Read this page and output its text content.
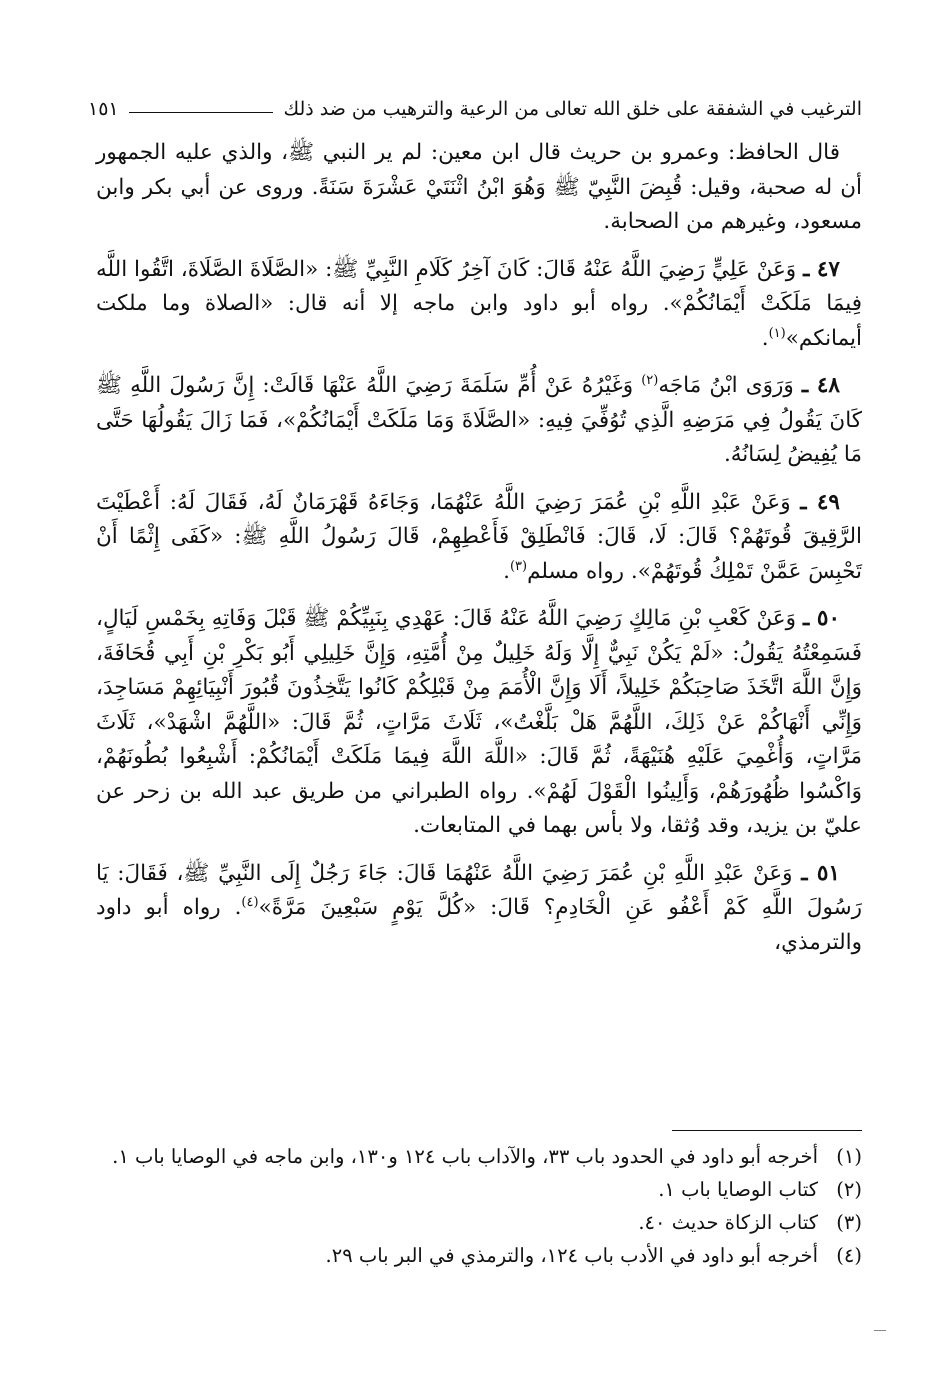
الترغيب في الشفقة على خلق الله تعالى من الرعية والترهيب من ضد ذلك
١٥١

قال الحافظ: وعمرو بن حريث قال ابن معين: لم ير النبي ﷺ، والذي عليه الجمهور أن له صحبة، وقيل: قُبِضَ النَّبِيّ ﷺ وَهُوَ ابْنُ اثْنَتَيْ عَشْرَةَ سَنَةً. وروى عن أبي بكر وابن مسعود، وغيرهم من الصحابة.

٤٧ ـ وَعَنْ عَلِيٍّ رَضِيَ اللَّهُ عَنْهُ قَالَ: كَانَ آخِرُ كَلَامِ النَّبِيِّ ﷺ: «الصَّلَاةَ الصَّلَاةَ، اتَّقُوا اللَّه فِيمَا مَلَكَتْ أَيْمَانُكُمْ». رواه أبو داود وابن ماجه إلا أنه قال: «الصلاة وما ملكت أيمانكم»$^{(١)}$.

٤٨ ـ وَرَوَى ابْنُ مَاجَه$^{(٢)}$ وَغَيْرُهُ عَنْ أُمِّ سَلَمَةَ رَضِيَ اللَّهُ عَنْهَا قَالَتْ: إِنَّ رَسُولَ اللَّهِ ﷺ كَانَ يَقُولُ فِي مَرَضِهِ الَّذِي تُوُفِّيَ فِيهِ: «الصَّلَاةَ وَمَا مَلَكَتْ أَيْمَانُكُمْ»، فَمَا زَالَ يَقُولُهَا حَتَّى مَا يُفِيضُ لِسَانُهُ.

٤٩ ـ وَعَنْ عَبْدِ اللَّهِ بْنِ عُمَرَ رَضِيَ اللَّهُ عَنْهُمَا، وَجَاءَهُ قَهْرَمَانٌ لَهُ، فَقَالَ لَهُ: أَعْطَيْتَ الرَّقِيقَ قُوتَهُمْ؟ قَالَ: لَا، قَالَ: فَانْطَلِقْ فَأَعْطِهِمْ، قَالَ رَسُولُ اللَّهِ ﷺ: «كَفَى إِثْمًا أَنْ تَحْبِسَ عَمَّنْ تَمْلِكُ قُوتَهُمْ». رواه مسلم$^{(٣)}$.

٥٠ ـ وَعَنْ كَعْبِ بْنِ مَالِكٍ رَضِيَ اللَّهُ عَنْهُ قَالَ: عَهْدِي بِنَبِيِّكُمْ ﷺ قَبْلَ وَفَاتِهِ بِخَمْسِ لَيَالٍ، فَسَمِعْتُهُ يَقُولُ: «لَمْ يَكُنْ نَبِيٌّ إِلَّا وَلَهُ خَلِيلٌ مِنْ أُمَّتِهِ، وَإِنَّ خَلِيلِي أَبُو بَكْرِ بْنِ أَبِي قُحَافَةَ، وَإِنَّ اللَّهَ اتَّخَذَ صَاحِبَكُمْ خَلِيلاً، أَلَا وَإِنَّ الْأُمَمَ مِنْ قَبْلِكُمْ كَانُوا يَتَّخِذُونَ قُبُورَ أَنْبِيَائِهِمْ مَسَاجِدَ، وَإِنِّي أَنْهَاكُمْ عَنْ ذَلِكَ، اللَّهُمَّ هَلْ بَلَّغْتُ»، ثَلَاثَ مَرَّاتٍ، ثُمَّ قَالَ: «اللَّهُمَّ اشْهَدْ»، ثَلَاثَ مَرَّاتٍ، وَأُغْمِيَ عَلَيْهِ هُنَيْهَةً، ثُمَّ قَالَ: «اللَّهَ اللَّهَ فِيمَا مَلَكَتْ أَيْمَانُكُمْ: أَشْبِعُوا بُطُونَهُمْ، وَاكْسُوا ظُهُورَهُمْ، وَأَلِينُوا الْقَوْلَ لَهُمْ». رواه الطبراني من طريق عبد الله بن زحر عن عليّ بن يزيد، وقد وُثقا، ولا بأس بهما في المتابعات.

٥١ ـ وَعَنْ عَبْدِ اللَّهِ بْنِ عُمَرَ رَضِيَ اللَّهُ عَنْهُمَا قَالَ: جَاءَ رَجُلٌ إِلَى النَّبِيِّ ﷺ، فَقَالَ: يَا رَسُولَ اللَّهِ كَمْ أَعْفُو عَنِ الْخَادِمِ؟ قَالَ: «كُلَّ يَوْمٍ سَبْعِينَ مَرَّةً»$^{(٤)}$. رواه أبو داود والترمذي،

(١)
أخرجه أبو داود في الحدود باب ٣٣، والآداب باب ١٢٤ و١٣٠، وابن ماجه في الوصايا باب ١.
(٢)
كتاب الوصايا باب ١.
(٣)
كتاب الزكاة حديث ٤٠.
(٤)
أخرجه أبو داود في الأدب باب ١٢٤، والترمذي في البر باب ٢٩.
